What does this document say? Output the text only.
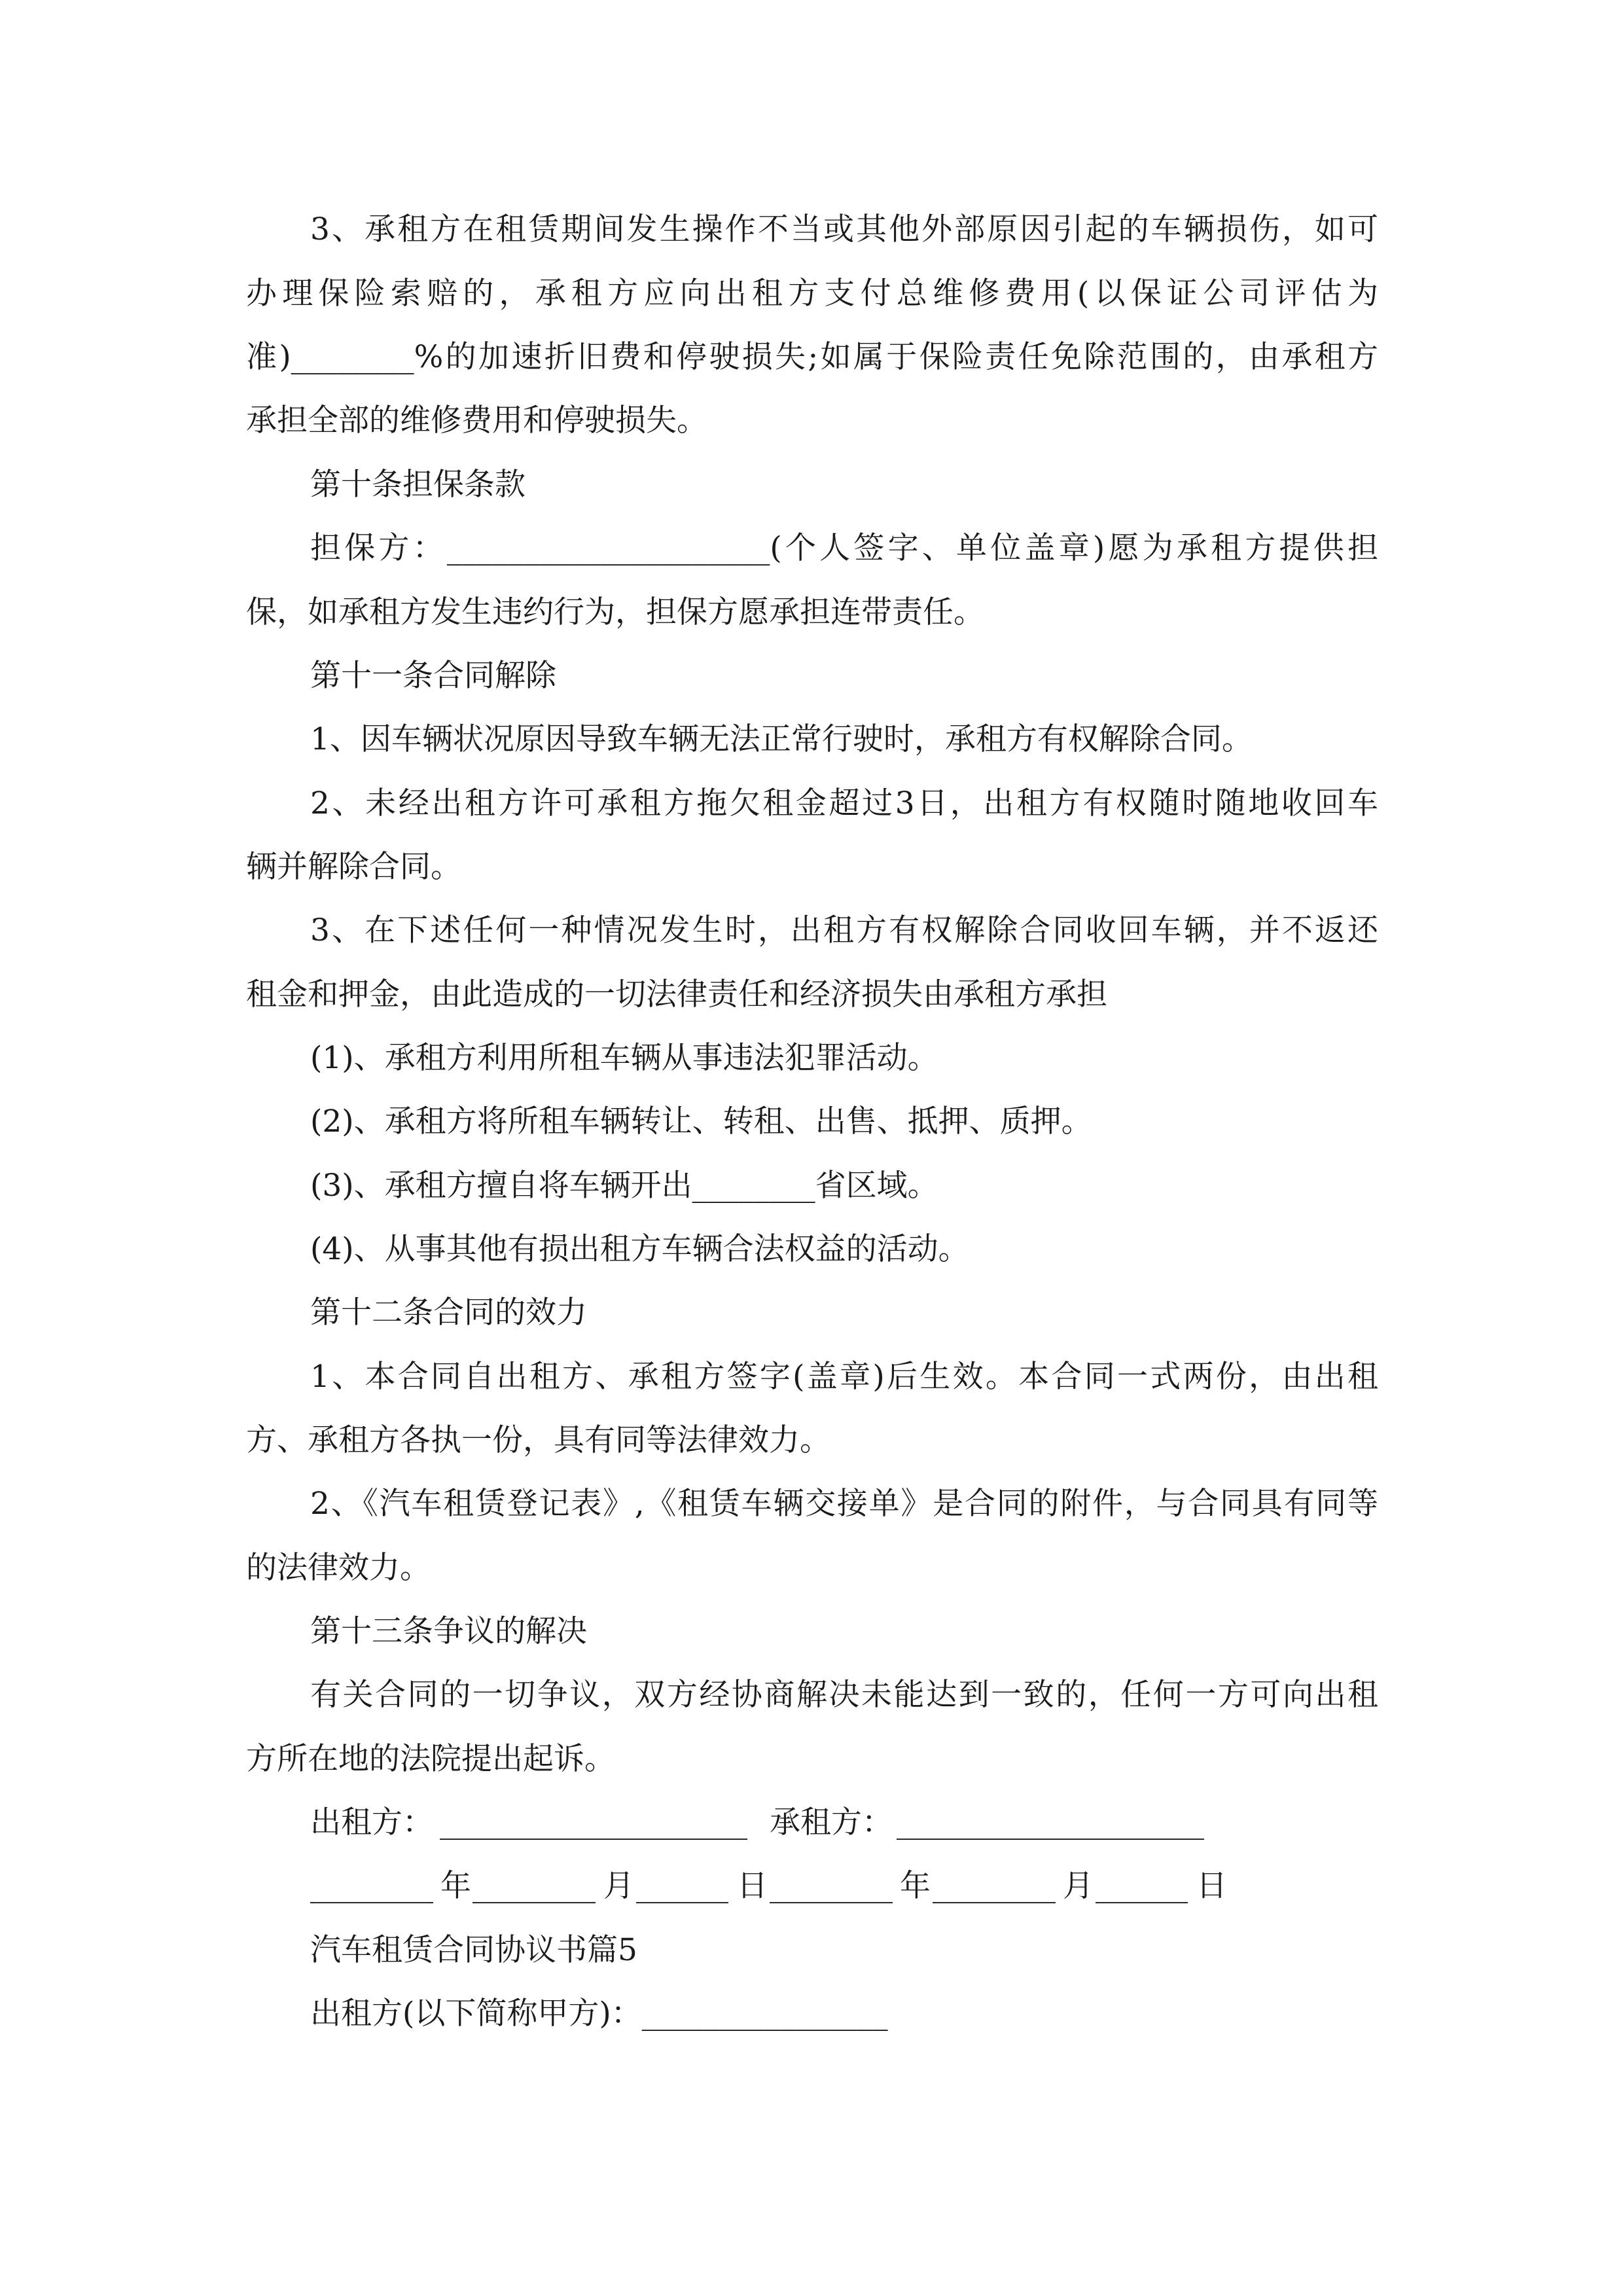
3、承租方在租赁期间发生操作不当或其他外部原因引起的车辆损伤，如可
办理保险索赔的，承租方应向出租方支付总维修费用(以保证公司评估为
准)________%的加速折旧费和停驶损失;如属于保险责任免除范围的，由承租方
承担全部的维修费用和停驶损失。
第十条担保条款
担保方：_____________________(个人签字、单位盖章)愿为承租方提供担
保，如承租方发生违约行为，担保方愿承担连带责任。
第十一条合同解除
1、因车辆状况原因导致车辆无法正常行驶时，承租方有权解除合同。
2、未经出租方许可承租方拖欠租金超过3日，出租方有权随时随地收回车
辆并解除合同。
3、在下述任何一种情况发生时，出租方有权解除合同收回车辆，并不返还
租金和押金，由此造成的一切法律责任和经济损失由承租方承担
(1)、承租方利用所租车辆从事违法犯罪活动。
(2)、承租方将所租车辆转让、转租、出售、抵押、质押。
(3)、承租方擅自将车辆开出________省区域。
(4)、从事其他有损出租方车辆合法权益的活动。
第十二条合同的效力
1、本合同自出租方、承租方签字(盖章)后生效。本合同一式两份，由出租
方、承租方各执一份，具有同等法律效力。
2、《汽车租赁登记表》,《租赁车辆交接单》是合同的附件，与合同具有同等
的法律效力。
第十三条争议的解决
有关合同的一切争议，双方经协商解决未能达到一致的，任何一方可向出租
方所在地的法院提出起诉。
出租方： ____________________ 承租方： ____________________
________ 年 ________ 月 ______ 日 ________ 年 ________ 月 ______ 日
汽车租赁合同协议书篇5
出租方(以下简称甲方)：________________
